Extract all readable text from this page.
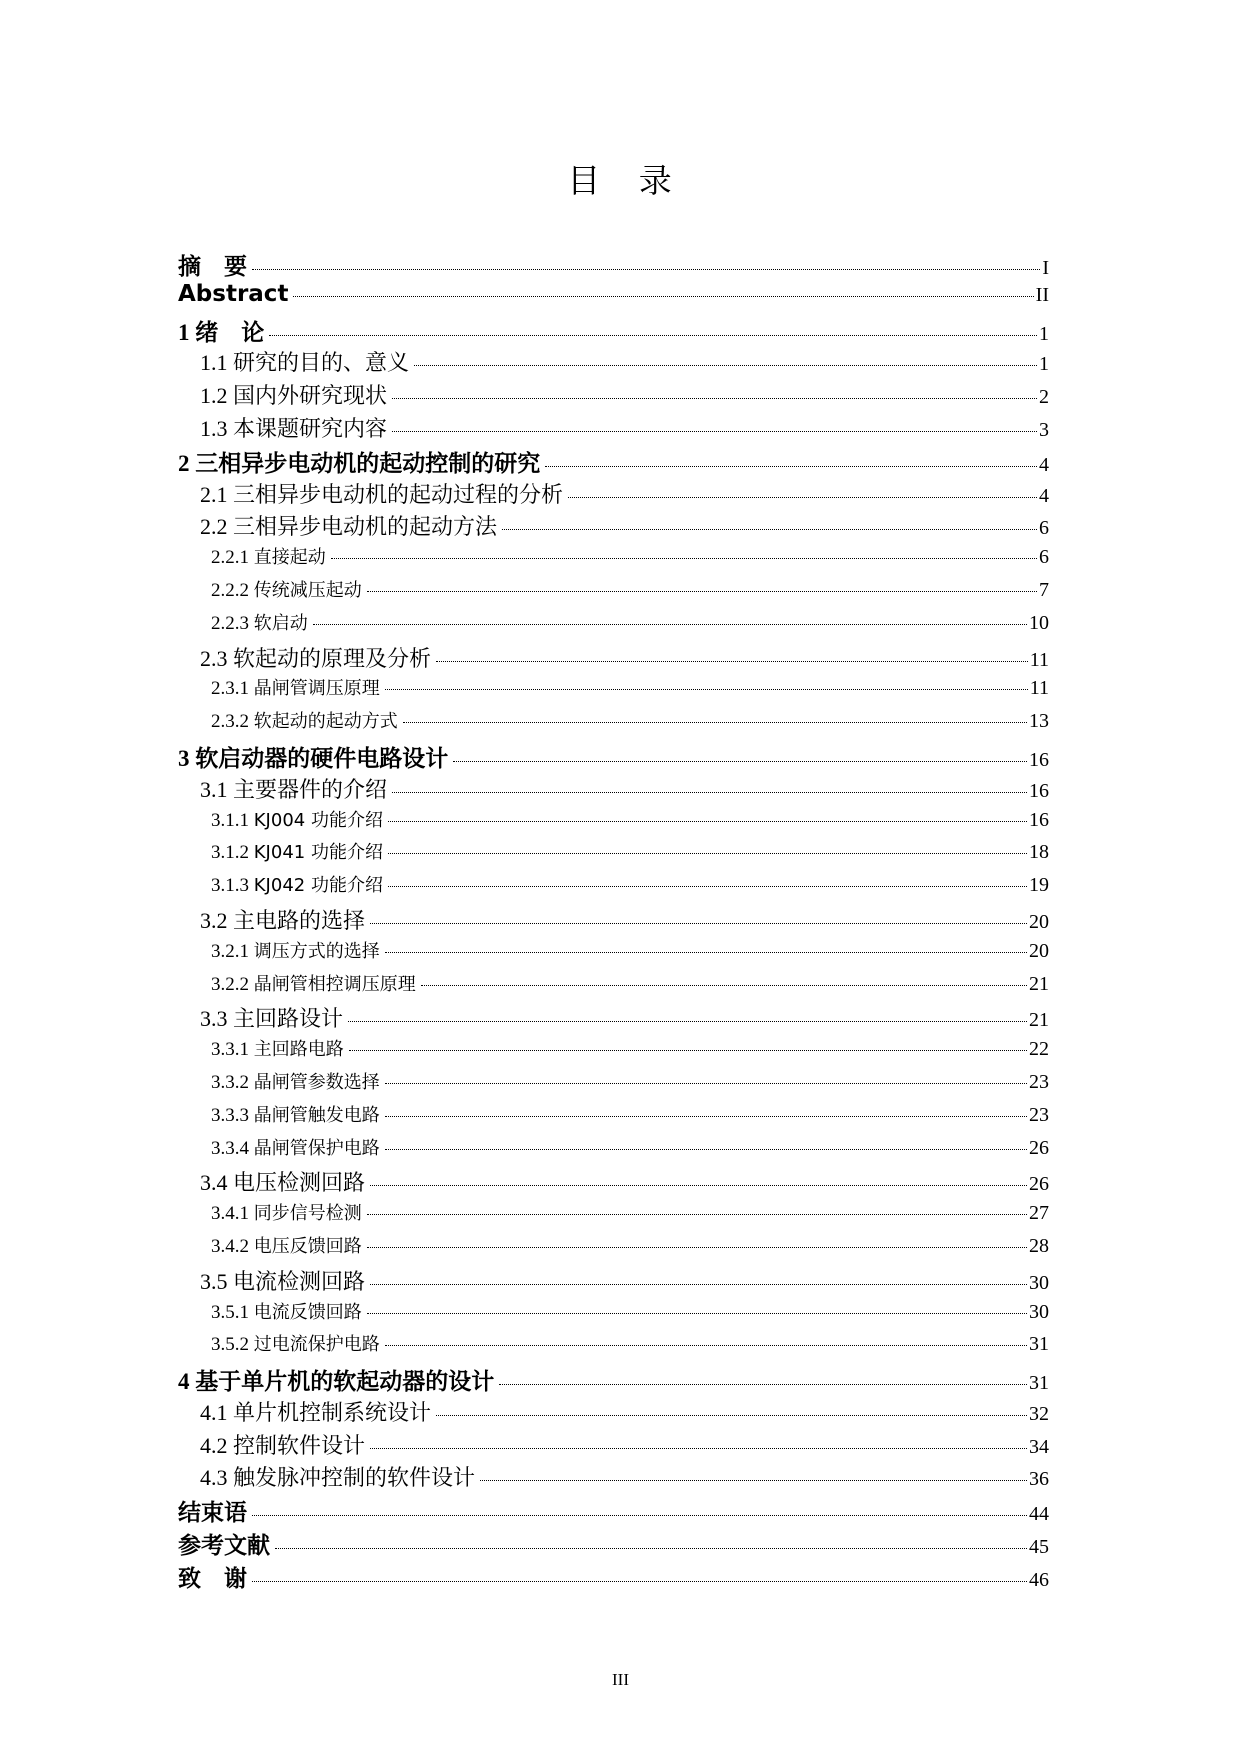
目 录
摘　要	I
Abstract	II
1 绪　论	1
1.1 研究的目的、意义	1
1.2 国内外研究现状	2
1.3 本课题研究内容	3
2 三相异步电动机的起动控制的研究	4
2.1 三相异步电动机的起动过程的分析	4
2.2 三相异步电动机的起动方法	6
2.2.1 直接起动	6
2.2.2 传统减压起动	7
2.2.3 软启动	10
2.3 软起动的原理及分析	11
2.3.1 晶闸管调压原理	11
2.3.2 软起动的起动方式	13
3 软启动器的硬件电路设计	16
3.1 主要器件的介绍	16
3.1.1 KJ004 功能介绍	16
3.1.2 KJ041 功能介绍	18
3.1.3 KJ042 功能介绍	19
3.2 主电路的选择	20
3.2.1 调压方式的选择	20
3.2.2 晶闸管相控调压原理	21
3.3 主回路设计	21
3.3.1 主回路电路	22
3.3.2 晶闸管参数选择	23
3.3.3 晶闸管触发电路	23
3.3.4 晶闸管保护电路	26
3.4 电压检测回路	26
3.4.1 同步信号检测	27
3.4.2 电压反馈回路	28
3.5 电流检测回路	30
3.5.1 电流反馈回路	30
3.5.2 过电流保护电路	31
4 基于单片机的软起动器的设计	31
4.1 单片机控制系统设计	32
4.2 控制软件设计	34
4.3 触发脉冲控制的软件设计	36
结束语	44
参考文献	45
致　谢	46
III
